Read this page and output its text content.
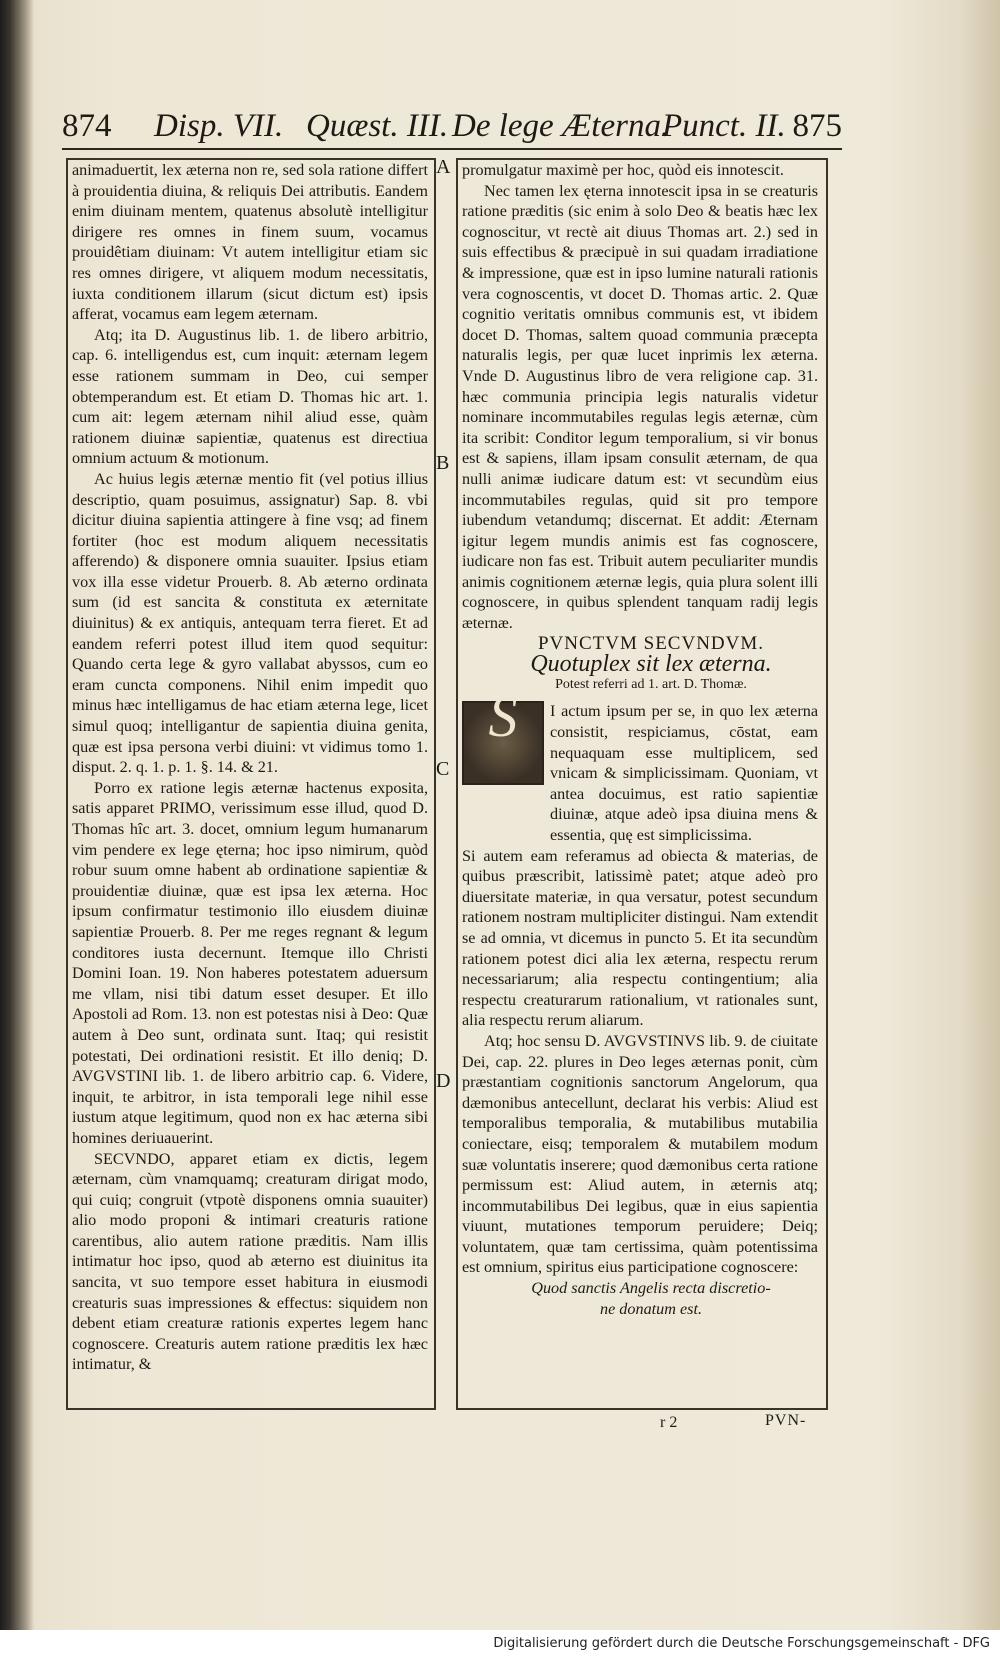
874 Disp. VII. Quæst. III. De lege Æterna.
Punct. II. 875
A
B
C
D

animaduertit, lex æterna non re, sed sola ratione differt à prouidentia diuina, & reliquis Dei attributis. Eandem enim diuinam mentem, quatenus absolutè intelligitur dirigere res omnes in finem suum, vocamus prouidêtiam diuinam: Vt autem intelligitur etiam sic res omnes dirigere, vt aliquem modum necessitatis, iuxta conditionem illarum (sicut dictum est) ipsis afferat, vocamus eam legem æternam.

Atq; ita D. Augustinus lib. 1. de libero arbitrio, cap. 6. intelligendus est, cum inquit: æternam legem esse rationem summam in Deo, cui semper obtemperandum est. Et etiam D. Thomas hic art. 1. cum ait: legem æternam nihil aliud esse, quàm rationem diuinæ sapientiæ, quatenus est directiua omnium actuum & motionum.

Ac huius legis æternæ mentio fit (vel potius illius descriptio, quam posuimus, assignatur) Sap. 8. vbi dicitur diuina sapientia attingere à fine vsq; ad finem fortiter (hoc est modum aliquem necessitatis afferendo) & disponere omnia suauiter. Ipsius etiam vox illa esse videtur Prouerb. 8. Ab æterno ordinata sum (id est sancita & constituta ex æternitate diuinitus) & ex antiquis, antequam terra fieret. Et ad eandem referri potest illud item quod sequitur: Quando certa lege & gyro vallabat abyssos, cum eo eram cuncta componens. Nihil enim impedit quo minus hæc intelligamus de hac etiam æterna lege, licet simul quoq; intelligantur de sapientia diuina genita, quæ est ipsa persona verbi diuini: vt vidimus tomo 1. disput. 2. q. 1. p. 1. §. 14. & 21.

Porro ex ratione legis æternæ hactenus exposita, satis apparet PRIMO, verissimum esse illud, quod D. Thomas hîc art. 3. docet, omnium legum humanarum vim pendere ex lege ęterna; hoc ipso nimirum, quòd robur suum omne habent ab ordinatione sapientiæ & prouidentiæ diuinæ, quæ est ipsa lex æterna. Hoc ipsum confirmatur testimonio illo eiusdem diuinæ sapientiæ Prouerb. 8. Per me reges regnant & legum conditores iusta decernunt. Itemque illo Christi Domini Ioan. 19. Non haberes potestatem aduersum me vllam, nisi tibi datum esset desuper. Et illo Apostoli ad Rom. 13. non est potestas nisi à Deo: Quæ autem à Deo sunt, ordinata sunt. Itaq; qui resistit potestati, Dei ordinationi resistit. Et illo deniq; D. AVGVSTINI lib. 1. de libero arbitrio cap. 6. Videre, inquit, te arbitror, in ista temporali lege nihil esse iustum atque legitimum, quod non ex hac æterna sibi homines deriuauerint.

SECVNDO, apparet etiam ex dictis, legem æternam, cùm vnamquamq; creaturam dirigat modo, qui cuiq; congruit (vtpotè disponens omnia suauiter) alio modo proponi & intimari creaturis ratione carentibus, alio autem ratione præditis. Nam illis intimatur hoc ipso, quod ab æterno est diuinitus ita sancita, vt suo tempore esset habitura in eiusmodi creaturis suas impressiones & effectus: siquidem non debent etiam creaturæ rationis expertes legem hanc cognoscere. Creaturis autem ratione præditis lex hæc intimatur, &

promulgatur maximè per hoc, quòd eis innotescit.

Nec tamen lex ęterna innotescit ipsa in se creaturis ratione præditis (sic enim à solo Deo & beatis hæc lex cognoscitur, vt rectè ait diuus Thomas art. 2.) sed in suis effectibus & præcipuè in sui quadam irradiatione & impressione, quæ est in ipso lumine naturali rationis vera cognoscentis, vt docet D. Thomas artic. 2. Quæ cognitio veritatis omnibus communis est, vt ibidem docet D. Thomas, saltem quoad communia præcepta naturalis legis, per quæ lucet inprimis lex æterna. Vnde D. Augustinus libro de vera religione cap. 31. hæc communia principia legis naturalis videtur nominare incommutabiles regulas legis æternæ, cùm ita scribit: Conditor legum temporalium, si vir bonus est & sapiens, illam ipsam consulit æternam, de qua nulli animæ iudicare datum est: vt secundùm eius incommutabiles regulas, quid sit pro tempore iubendum vetandumq; discernat. Et addit: Æternam igitur legem mundis animis est fas cognoscere, iudicare non fas est. Tribuit autem peculiariter mundis animis cognitionem æternæ legis, quia plura solent illi cognoscere, in quibus splendent tanquam radij legis æternæ.

PVNCTVM SECVNDVM.

Quotuplex sit lex æterna.

Potest referri ad 1. art. D. Thomæ.

S	I actum ipsum per se, in quo lex æterna consistit, respiciamus, cōstat, eam nequaquam esse multiplicem, sed vnicam & simplicissimam. Quoniam, vt antea docuimus, est ratio sapientiæ diuinæ, atque adeò ipsa diuina mens & essentia, quę est simplicissima.

Si autem eam referamus ad obiecta & materias, de quibus præscribit, latissimè patet; atque adeò pro diuersitate materiæ, in qua versatur, potest secundum rationem nostram multipliciter distingui. Nam extendit se ad omnia, vt dicemus in puncto 5. Et ita secundùm rationem potest dici alia lex æterna, respectu rerum necessariarum; alia respectu contingentium; alia respectu creaturarum rationalium, vt rationales sunt, alia respectu rerum aliarum.

Atq; hoc sensu D. AVGVSTINVS lib. 9. de ciuitate Dei, cap. 22. plures in Deo leges æternas ponit, cùm præstantiam cognitionis sanctorum Angelorum, qua dæmonibus antecellunt, declarat his verbis: Aliud est temporalibus temporalia, & mutabilibus mutabilia coniectare, eisq; temporalem & mutabilem modum suæ voluntatis inserere; quod dæmonibus certa ratione permissum est: Aliud autem, in æternis atq; incommutabilibus Dei legibus, quæ in eius sapientia viuunt, mutationes temporum peruidere; Deiq; voluntatem, quæ tam certissima, quàm potentissima est omnium, spiritus eius participatione cognoscere:

Quod sanctis Angelis recta discretio-

ne donatum est.

r 2	PVN-
Digitalisierung gefördert durch die Deutsche Forschungsgemeinschaft - DFG
